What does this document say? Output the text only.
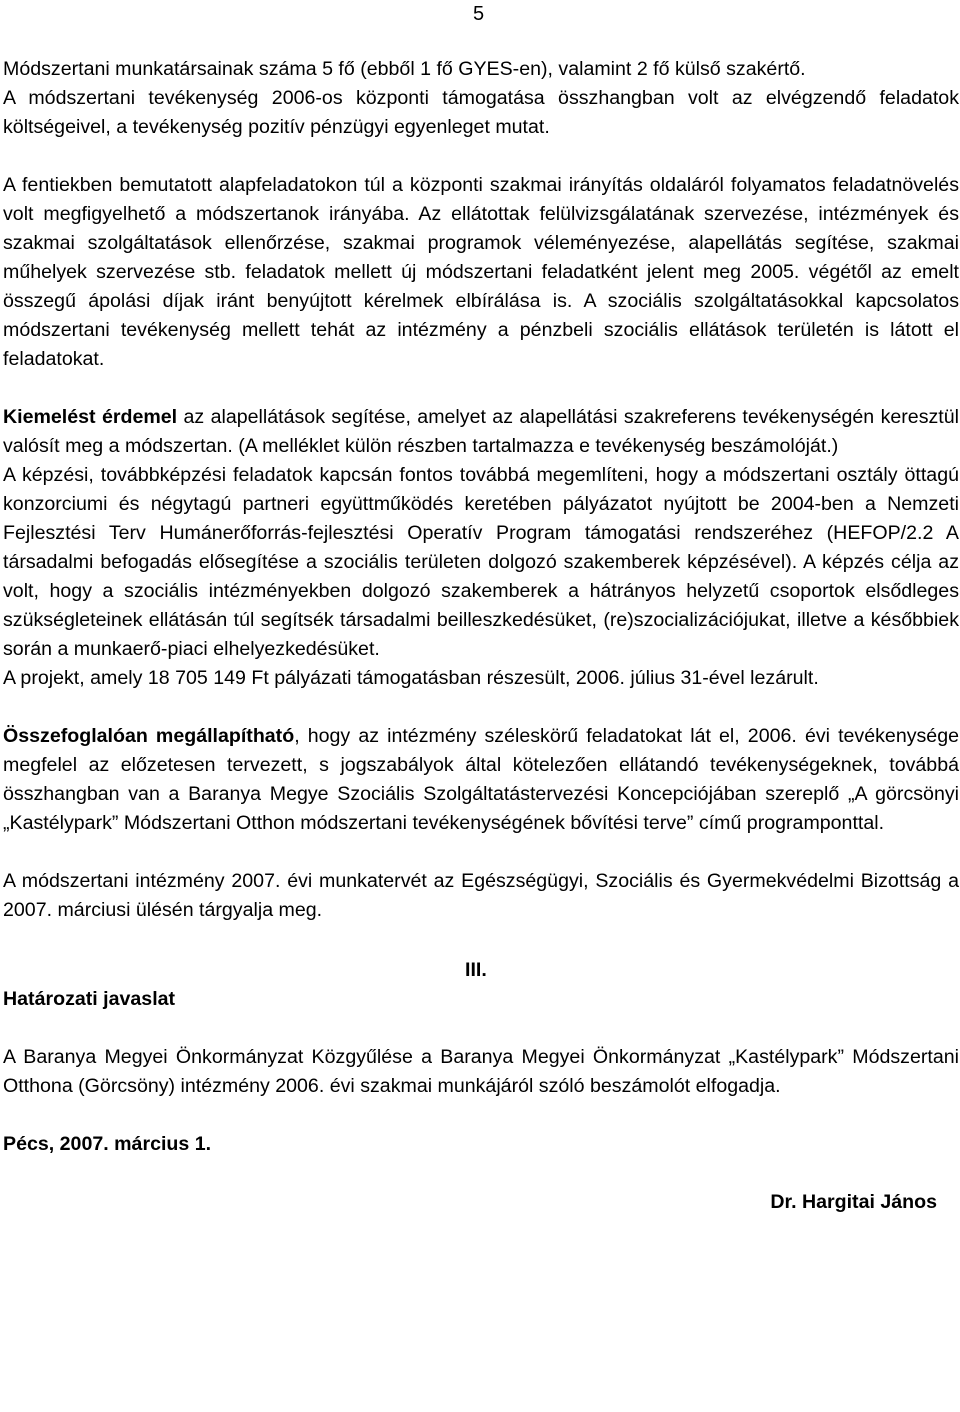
5

Módszertani munkatársainak száma 5 fő (ebből 1 fő GYES-en), valamint 2 fő külső szakértő.

A módszertani tevékenység 2006-os központi támogatása összhangban volt az elvégzendő feladatok költségeivel, a tevékenység pozitív pénzügyi egyenleget mutat.

A fentiekben bemutatott alapfeladatokon túl a központi szakmai irányítás oldaláról folyamatos feladatnövelés volt megfigyelhető a módszertanok irányába. Az ellátottak felülvizsgálatának szervezése, intézmények és szakmai szolgáltatások ellenőrzése, szakmai programok véleményezése, alapellátás segítése, szakmai műhelyek szervezése stb. feladatok mellett új módszertani feladatként jelent meg 2005. végétől az emelt összegű ápolási díjak iránt benyújtott kérelmek elbírálása is. A szociális szolgáltatásokkal kapcsolatos módszertani tevékenység mellett tehát az intézmény a pénzbeli szociális ellátások területén is látott el feladatokat.

Kiemelést érdemel az alapellátások segítése, amelyet az alapellátási szakreferens tevékenységén keresztül valósít meg a módszertan. (A melléklet külön részben tartalmazza e tevékenység beszámolóját.)

A képzési, továbbképzési feladatok kapcsán fontos továbbá megemlíteni, hogy a módszertani osztály öttagú konzorciumi és négytagú partneri együttműködés keretében pályázatot nyújtott be 2004-ben a Nemzeti Fejlesztési Terv Humánerőforrás-fejlesztési Operatív Program támogatási rendszeréhez (HEFOP/2.2 A társadalmi befogadás elősegítése a szociális területen dolgozó szakemberek képzésével). A képzés célja az volt, hogy a szociális intézményekben dolgozó szakemberek a hátrányos helyzetű csoportok elsődleges szükségleteinek ellátásán túl segítsék társadalmi beilleszkedésüket, (re)szocializációjukat, illetve a későbbiek során a munkaerő-piaci elhelyezkedésüket.

A projekt, amely 18 705 149 Ft pályázati támogatásban részesült, 2006. július 31-ével lezárult.

Összefoglalóan megállapítható, hogy az intézmény széleskörű feladatokat lát el, 2006. évi tevékenysége megfelel az előzetesen tervezett, s jogszabályok által kötelezően ellátandó tevékenységeknek, továbbá összhangban van a Baranya Megye Szociális Szolgáltatástervezési Koncepciójában szereplő „A görcsönyi „Kastélypark” Módszertani Otthon módszertani tevékenységének bővítési terve” című programponttal.

A módszertani intézmény 2007. évi munkatervét az Egészségügyi, Szociális és Gyermekvédelmi Bizottság a 2007. márciusi ülésén tárgyalja meg.

III.
Határozati javaslat

A Baranya Megyei Önkormányzat Közgyűlése a Baranya Megyei Önkormányzat „Kastélypark” Módszertani Otthona (Görcsöny) intézmény 2006. évi szakmai munkájáról szóló beszámolót elfogadja.

Pécs, 2007. március 1.

Dr. Hargitai János
